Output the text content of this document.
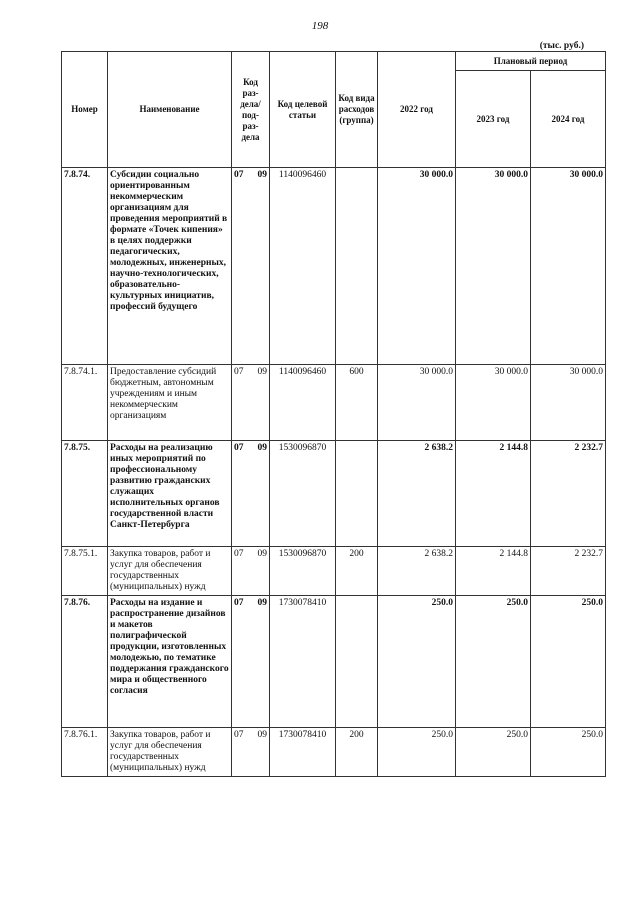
198
(тыс. руб.)
Номер	Наименование	Код раз-дела/ под-раз-дела	Код целевой статьи	Код вида расходов (группа)	2022 год	Плановый период	
						2023 год	2024 год
7.8.74.	Субсидии социально ориентированным некоммерческим организациям для проведения мероприятий в формате «Точек кипения» в целях поддержки педагогических, молодежных, инженерных, научно-технологических, образовательно-культурных инициатив, профессий будущего	07 09	1140096460		30 000.0	30 000.0	30 000.0
7.8.74.1.	Предоставление субсидий бюджетным, автономным учреждениям и иным некоммерческим организациям	07 09	1140096460	600	30 000.0	30 000.0	30 000.0
7.8.75.	Расходы на реализацию иных мероприятий по профессиональному развитию гражданских служащих исполнительных органов государственной власти Санкт-Петербурга	07 09	1530096870		2 638.2	2 144.8	2 232.7
7.8.75.1.	Закупка товаров, работ и услуг для обеспечения государственных (муниципальных) нужд	07 09	1530096870	200	2 638.2	2 144.8	2 232.7
7.8.76.	Расходы на издание и распространение дизайнов и макетов полиграфической продукции, изготовленных молодежью, по тематике поддержания гражданского мира и общественного согласия	07 09	1730078410		250.0	250.0	250.0
7.8.76.1.	Закупка товаров, работ и услуг для обеспечения государственных (муниципальных) нужд	07 09	1730078410	200	250.0	250.0	250.0
